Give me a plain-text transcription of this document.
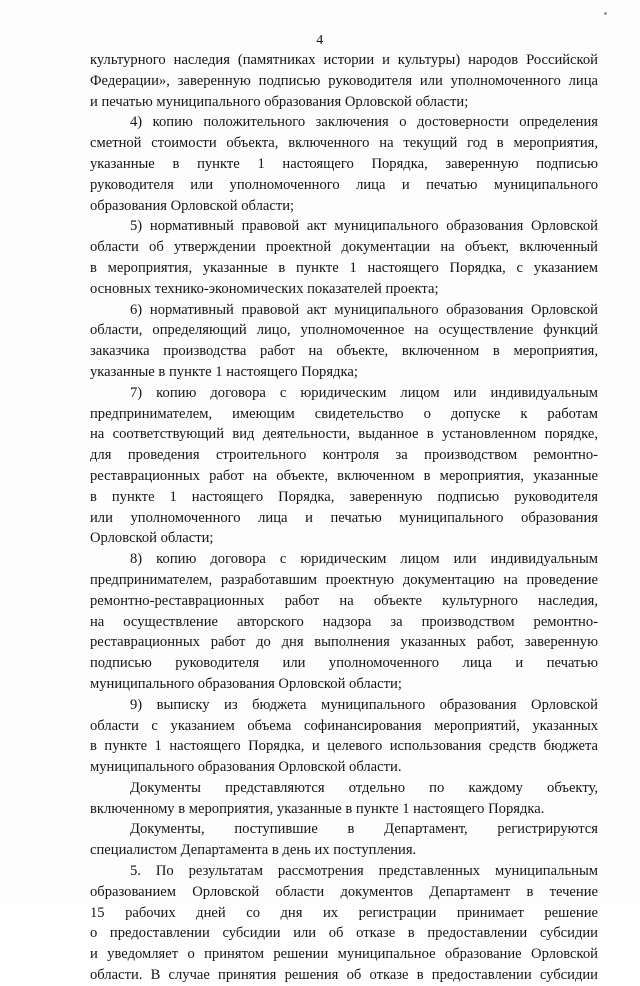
4
культурного наследия (памятниках истории и культуры) народов Российской
Федерации», заверенную подписью руководителя или уполномоченного лица
и печатью муниципального образования Орловской области;
4) копию положительного заключения о достоверности определения
сметной стоимости объекта, включенного на текущий год в мероприятия,
указанные в пункте 1 настоящего Порядка, заверенную подписью
руководителя или уполномоченного лица и печатью муниципального
образования Орловской области;
5) нормативный правовой акт муниципального образования Орловской
области об утверждении проектной документации на объект, включенный
в мероприятия, указанные в пункте 1 настоящего Порядка, с указанием
основных технико-экономических показателей проекта;
6) нормативный правовой акт муниципального образования Орловской
области, определяющий лицо, уполномоченное на осуществление функций
заказчика производства работ на объекте, включенном в мероприятия,
указанные в пункте 1 настоящего Порядка;
7) копию договора с юридическим лицом или индивидуальным
предпринимателем, имеющим свидетельство о допуске к работам
на соответствующий вид деятельности, выданное в установленном порядке,
для проведения строительного контроля за производством ремонтно-
реставрационных работ на объекте, включенном в мероприятия, указанные
в пункте 1 настоящего Порядка, заверенную подписью руководителя
или уполномоченного лица и печатью муниципального образования
Орловской области;
8) копию договора с юридическим лицом или индивидуальным
предпринимателем, разработавшим проектную документацию на проведение
ремонтно-реставрационных работ на объекте культурного наследия,
на осуществление авторского надзора за производством ремонтно-
реставрационных работ до дня выполнения указанных работ, заверенную
подписью руководителя или уполномоченного лица и печатью
муниципального образования Орловской области;
9) выписку из бюджета муниципального образования Орловской
области с указанием объема софинансирования мероприятий, указанных
в пункте 1 настоящего Порядка, и целевого использования средств бюджета
муниципального образования Орловской области.
Документы представляются отдельно по каждому объекту,
включенному в мероприятия, указанные в пункте 1 настоящего Порядка.
Документы, поступившие в Департамент, регистрируются
специалистом Департамента в день их поступления.
5. По результатам рассмотрения представленных муниципальным
образованием Орловской области документов Департамент в течение
15 рабочих дней со дня их регистрации принимает решение
о предоставлении субсидии или об отказе в предоставлении субсидии
и уведомляет о принятом решении муниципальное образование Орловской
области. В случае принятия решения об отказе в предоставлении субсидии
